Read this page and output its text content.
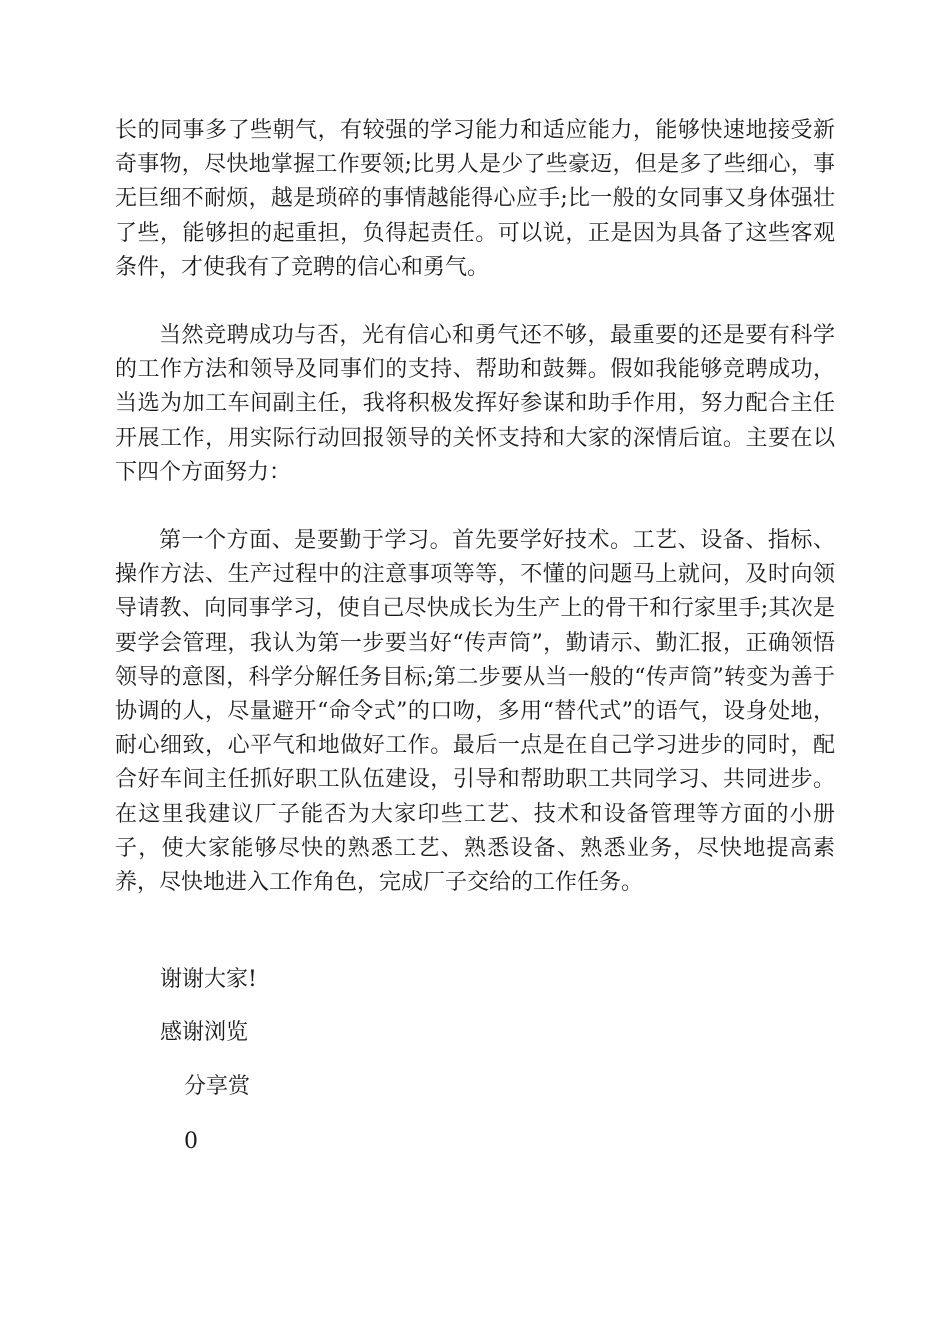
长的同事多了些朝气，有较强的学习能力和适应能力，能够快速地接受新奇事物，尽快地掌握工作要领;比男人是少了些豪迈，但是多了些细心，事无巨细不耐烦，越是琐碎的事情越能得心应手;比一般的女同事又身体强壮了些，能够担的起重担，负得起责任。可以说，正是因为具备了这些客观条件，才使我有了竞聘的信心和勇气。

当然竞聘成功与否，光有信心和勇气还不够，最重要的还是要有科学的工作方法和领导及同事们的支持、帮助和鼓舞。假如我能够竞聘成功，当选为加工车间副主任，我将积极发挥好参谋和助手作用，努力配合主任开展工作，用实际行动回报领导的关怀支持和大家的深情后谊。主要在以下四个方面努力：

第一个方面、是要勤于学习。首先要学好技术。工艺、设备、指标、操作方法、生产过程中的注意事项等等，不懂的问题马上就问，及时向领导请教、向同事学习，使自己尽快成长为生产上的骨干和行家里手;其次是要学会管理，我认为第一步要当好“传声筒”，勤请示、勤汇报，正确领悟领导的意图，科学分解任务目标;第二步要从当一般的“传声筒”转变为善于协调的人，尽量避开“命令式”的口吻，多用“替代式”的语气，设身处地，耐心细致，心平气和地做好工作。最后一点是在自己学习进步的同时，配合好车间主任抓好职工队伍建设，引导和帮助职工共同学习、共同进步。在这里我建议厂子能否为大家印些工艺、技术和设备管理等方面的小册子，使大家能够尽快的熟悉工艺、熟悉设备、熟悉业务，尽快地提高素养，尽快地进入工作角色，完成厂子交给的工作任务。

谢谢大家!

感谢浏览

分享赏

0
